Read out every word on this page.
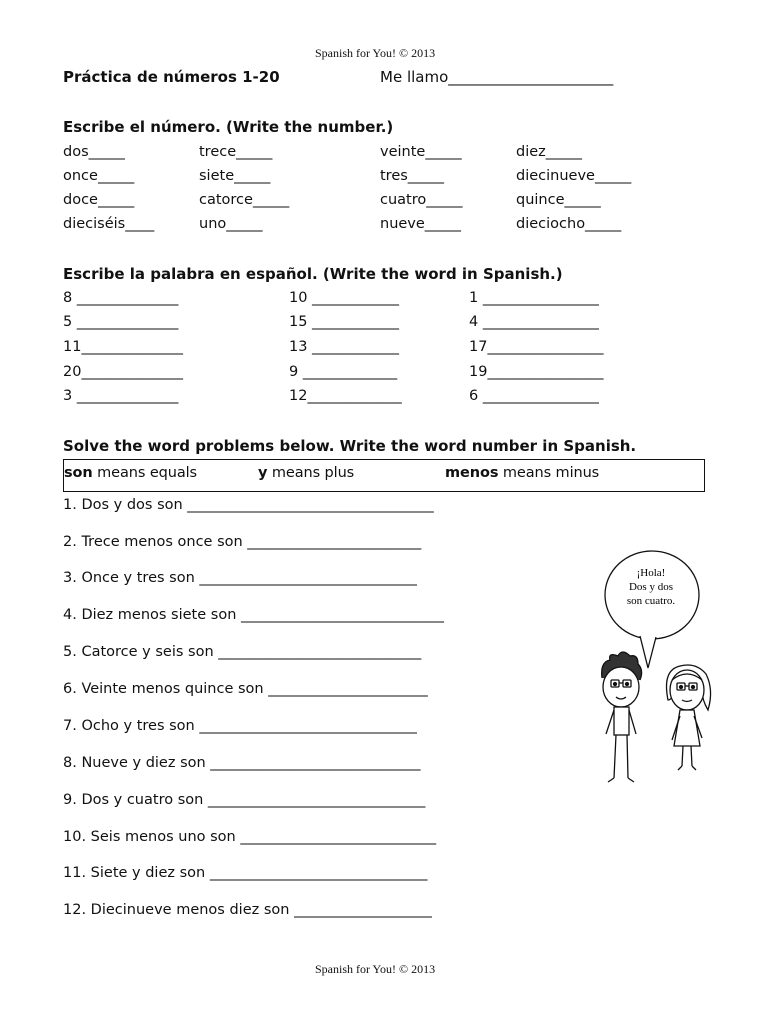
Spanish for You! © 2013
Práctica de números 1-20	Me llamo______________________
Escribe el número. (Write the number.)
dos_____	trece_____	veinte_____	diez_____
once_____	siete_____	tres_____	diecinueve_____
doce_____	catorce_____	cuatro_____	quince_____
dieciséis____	uno_____	nueve_____	dieciocho_____
Escribe la palabra en español. (Write the word in Spanish.)
8 ______________	10 ____________	1 ________________
5 ______________	15 ____________	4 ________________
11______________	13 ____________	17________________
20______________	9 _____________	19________________
3 ______________	12_____________	6 ________________
Solve the word problems below. Write the word number in Spanish.
son means equals	y means plus	menos means minus
1. Dos y dos son __________________________________
2. Trece menos once son ________________________
3. Once y tres son ______________________________
4. Diez menos siete son ____________________________
5. Catorce y seis son ____________________________
6. Veinte menos quince son ______________________
7. Ocho y tres son ______________________________
8. Nueve y diez son _____________________________
9. Dos y cuatro son ______________________________
10. Seis menos uno son ___________________________
11. Siete y diez son ______________________________
12. Diecinueve menos diez son ___________________
¡Hola!
Dos y dos
son cuatro.
Spanish for You! © 2013
